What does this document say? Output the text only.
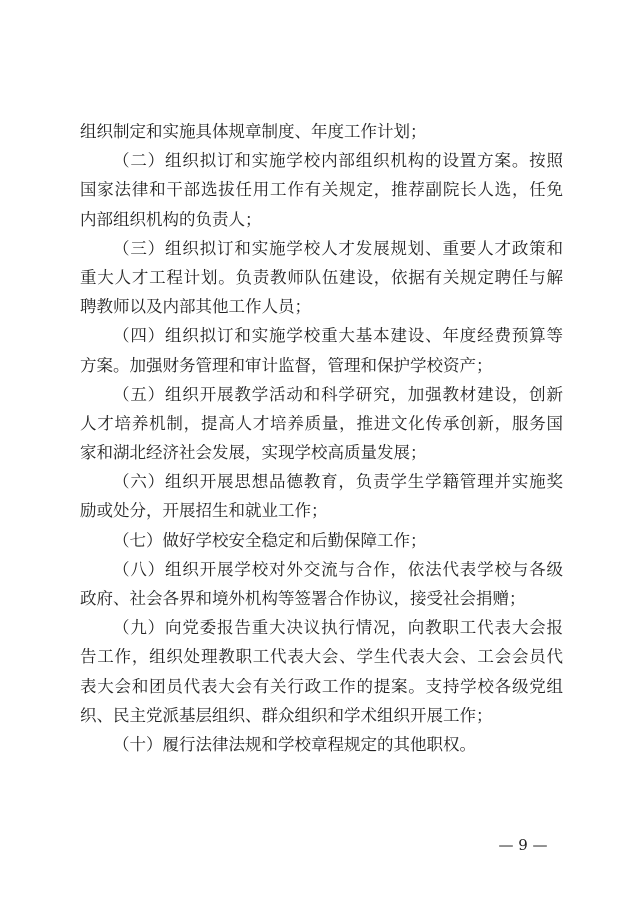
组织制定和实施具体规章制度、年度工作计划；
（二）组织拟订和实施学校内部组织机构的设置方案。按照
国家法律和干部选拔任用工作有关规定，推荐副院长人选，任免
内部组织机构的负责人；
（三）组织拟订和实施学校人才发展规划、重要人才政策和
重大人才工程计划。负责教师队伍建设，依据有关规定聘任与解
聘教师以及内部其他工作人员；
（四）组织拟订和实施学校重大基本建设、年度经费预算等
方案。加强财务管理和审计监督，管理和保护学校资产；
（五）组织开展教学活动和科学研究，加强教材建设，创新
人才培养机制，提高人才培养质量，推进文化传承创新，服务国
家和湖北经济社会发展，实现学校高质量发展；
（六）组织开展思想品德教育，负责学生学籍管理并实施奖
励或处分，开展招生和就业工作；
（七）做好学校安全稳定和后勤保障工作；
（八）组织开展学校对外交流与合作，依法代表学校与各级
政府、社会各界和境外机构等签署合作协议，接受社会捐赠；
（九）向党委报告重大决议执行情况，向教职工代表大会报
告工作，组织处理教职工代表大会、学生代表大会、工会会员代
表大会和团员代表大会有关行政工作的提案。支持学校各级党组
织、民主党派基层组织、群众组织和学术组织开展工作；
（十）履行法律法规和学校章程规定的其他职权。
— 9 —
